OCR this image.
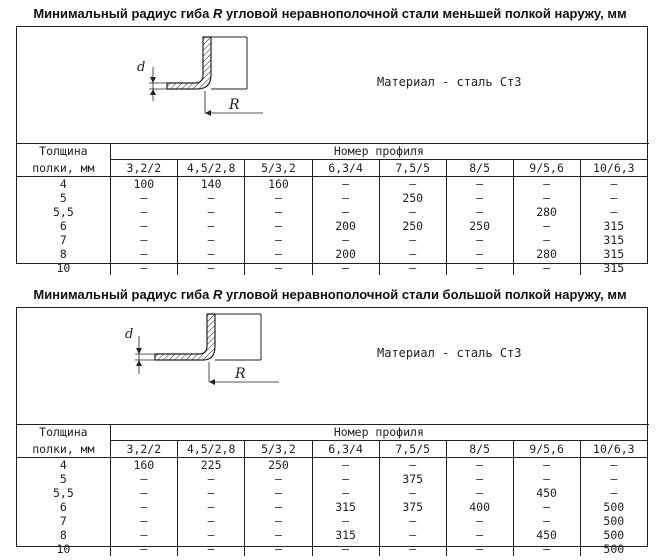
Минимальный радиус гиба R угловой неравнополочной стали меньшей полкой наружу, мм
d
R
Материал - сталь Ст3
Толщина	Номер профиля							
полки, мм	3,2/2	4,5/2,8	5/3,2	6,3/4	7,5/5	8/5	9/5,6	10/6,3
4	100	140	160	–	–	–	–	–
5	–	–	–	–	250	–	–	–
5,5	–	–	–	–	–	–	280	–
6	–	–	–	200	250	250	–	315
7	–	–	–	–	–	–	–	315
8	–	–	–	200	–	–	280	315
10	–	–	–	–	–	–	–	315
Минимальный радиус гиба R угловой неравнополочной стали большой полкой наружу, мм
d
R
Материал - сталь Ст3
Толщина	Номер профиля							
полки, мм	3,2/2	4,5/2,8	5/3,2	6,3/4	7,5/5	8/5	9/5,6	10/6,3
4	160	225	250	–	–	–	–	–
5	–	–	–	–	375	–	–	–
5,5	–	–	–	–	–	–	450	–
6	–	–	–	315	375	400	–	500
7	–	–	–	–	–	–	–	500
8	–	–	–	315	–	–	450	500
10	–	–	–	–	–	–	–	500
